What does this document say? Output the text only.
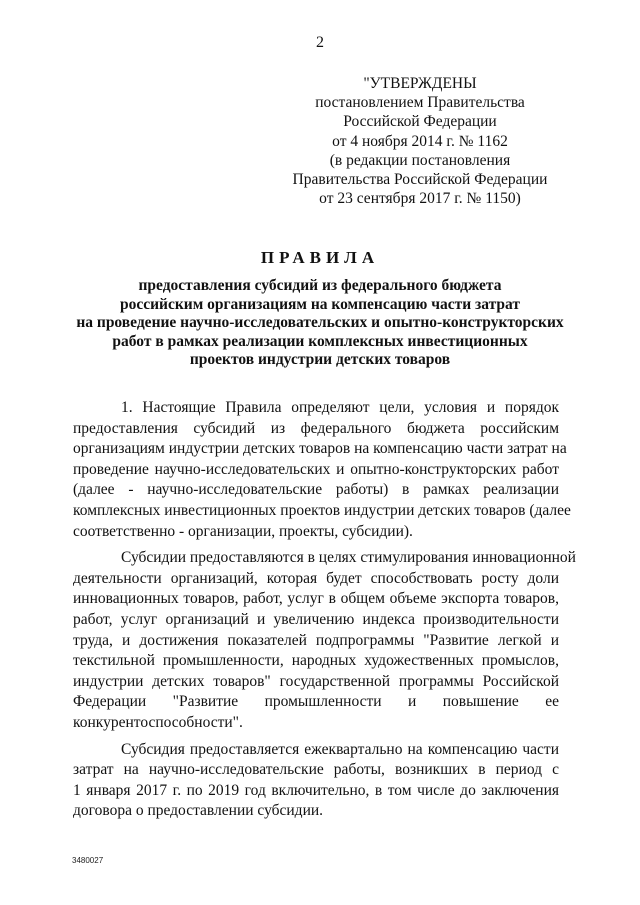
2
"УТВЕРЖДЕНЫ
постановлением Правительства
Российской Федерации
от 4 ноября 2014 г. № 1162
(в редакции постановления
Правительства Российской Федерации
от 23 сентября 2017 г. № 1150)
ПРАВИЛА
предоставления субсидий из федерального бюджета
российским организациям на компенсацию части затрат
на проведение научно-исследовательских и опытно-конструкторских
работ в рамках реализации комплексных инвестиционных
проектов индустрии детских товаров
1. Настоящие Правила определяют цели, условия и порядок
предоставления субсидий из федерального бюджета российским
организациям индустрии детских товаров на компенсацию части затрат на
проведение научно-исследовательских и опытно-конструкторских работ
(далее - научно-исследовательские работы) в рамках реализации
комплексных инвестиционных проектов индустрии детских товаров (далее
соответственно - организации, проекты, субсидии).
Субсидии предоставляются в целях стимулирования инновационной
деятельности организаций, которая будет способствовать росту доли
инновационных товаров, работ, услуг в общем объеме экспорта товаров,
работ, услуг организаций и увеличению индекса производительности
труда, и достижения показателей подпрограммы "Развитие легкой и
текстильной промышленности, народных художественных промыслов,
индустрии детских товаров" государственной программы Российской
Федерации "Развитие промышленности и повышение ее
конкурентоспособности".
Субсидия предоставляется ежеквартально на компенсацию части
затрат на научно-исследовательские работы, возникших в период с
1 января 2017 г. по 2019 год включительно, в том числе до заключения
договора о предоставлении субсидии.
3480027
